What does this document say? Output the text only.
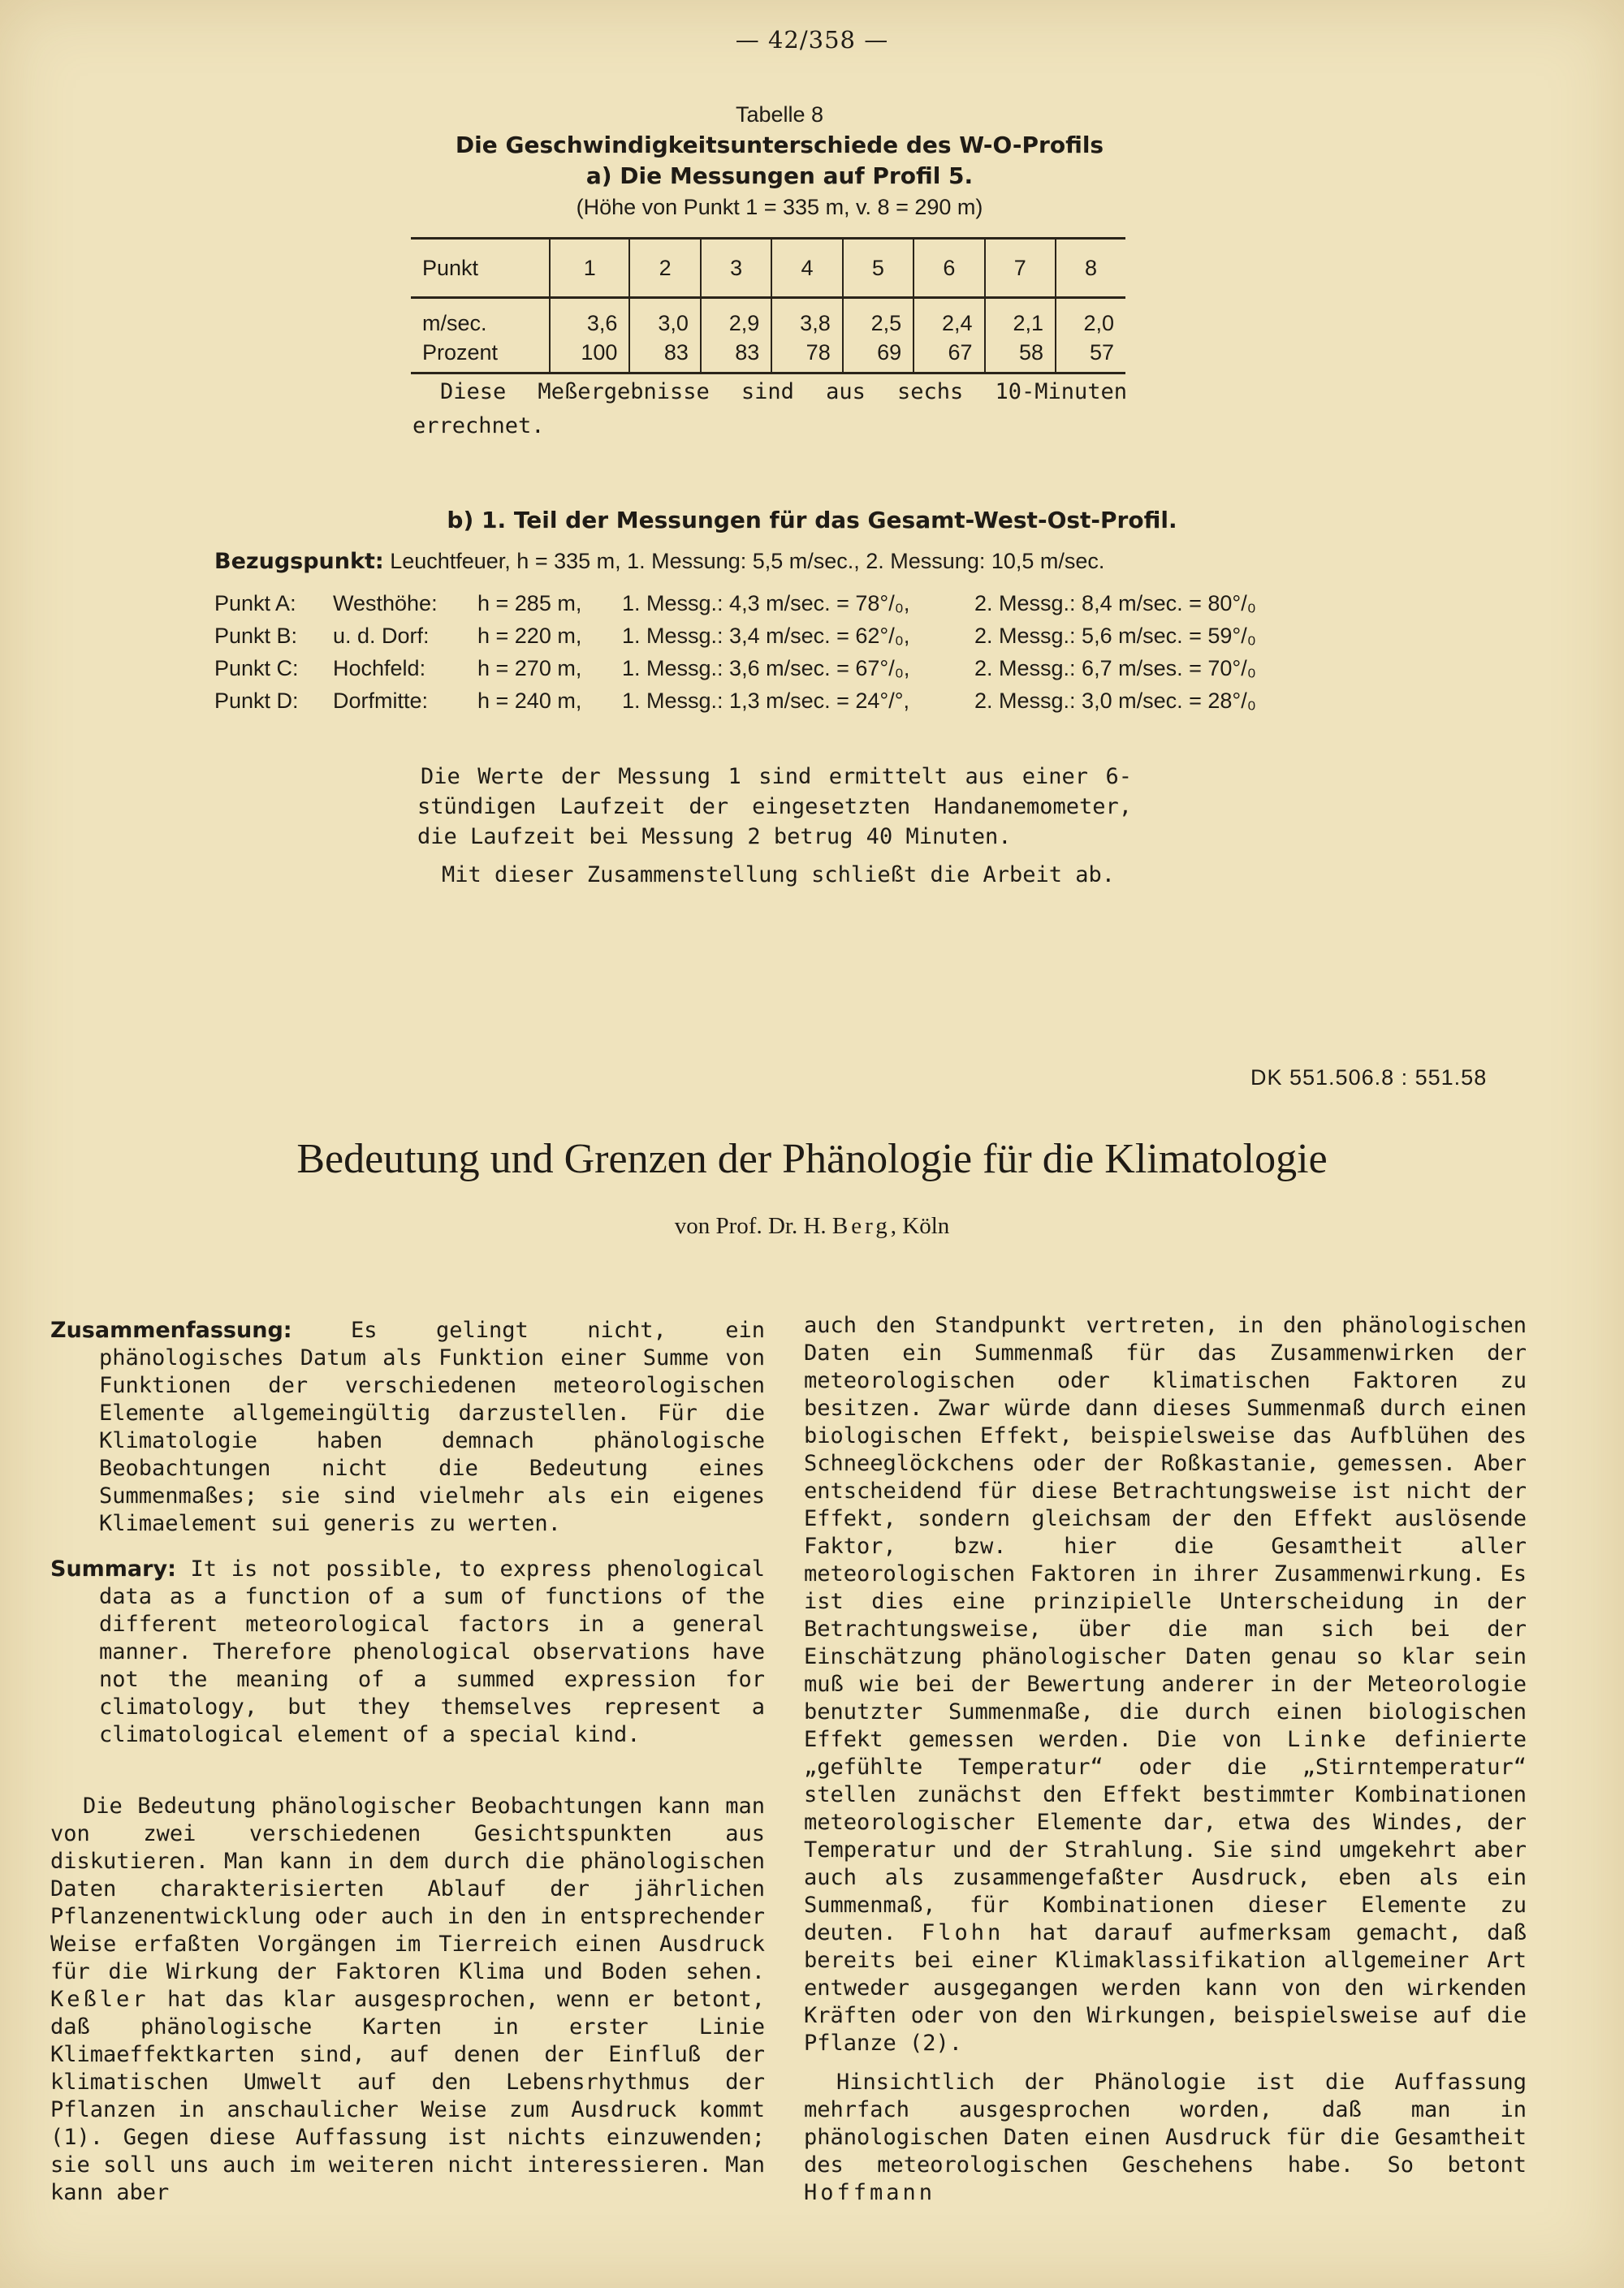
— 42/358 —
Tabelle 8
Die Geschwindigkeitsunterschiede des W-O-Profils
a) Die Messungen auf Profil 5.
(Höhe von Punkt 1 = 335 m, v. 8 = 290 m)
Punkt	1	2	3	4	5	6	7	8
m/sec.	3,6	3,0	2,9	3,8	2,5	2,4	2,1	2,0
Prozent	100	83	83	78	69	67	58	57
Diese Meßergebnisse sind aus sechs 10-Minuten errechnet.
b) 1. Teil der Messungen für das Gesamt-West-Ost-Profil.
Bezugspunkt: Leuchtfeuer, h = 335 m, 1. Messung: 5,5 m/sec., 2. Messung: 10,5 m/sec.
Punkt A: Westhöhe: h = 285 m, 1. Messg.: 4,3 m/sec. = 78°/₀,	2. Messg.: 8,4 m/sec. = 80°/₀
Punkt B: u. d. Dorf: h = 220 m, 1. Messg.: 3,4 m/sec. = 62°/₀,	2. Messg.: 5,6 m/sec. = 59°/₀
Punkt C: Hochfeld: h = 270 m, 1. Messg.: 3,6 m/sec. = 67°/₀,	2. Messg.: 6,7 m/ses. = 70°/₀
Punkt D: Dorfmitte: h = 240 m, 1. Messg.: 1,3 m/sec. = 24°/°,	2. Messg.: 3,0 m/sec. = 28°/₀

Die Werte der Messung 1 sind ermittelt aus einer 6-stündigen Laufzeit der eingesetzten Handanemometer, die Laufzeit bei Messung 2 betrug 40 Minuten.

Mit dieser Zusammenstellung schließt die Arbeit ab.

DK 551.506.8 : 551.58
Bedeutung und Grenzen der Phänologie für die Klimatologie
von Prof. Dr. H. Berg, Köln

Zusammenfassung:	Es gelingt nicht, ein phänologisches Datum als Funktion einer Summe von Funktionen der verschiedenen meteorologischen Elemente allgemeingültig darzustellen. Für die Klimatologie haben demnach phänologische Beobachtungen nicht die Bedeutung eines Summenmaßes; sie sind vielmehr als ein eigenes Klimaelement sui generis zu werten.

Summary: It is not possible, to express phenological data as a function of a sum of functions of the different meteorological factors in a general manner. Therefore phenological observations have not the meaning of a summed expression for climatology, but they themselves represent a climatological element of a special kind.

Die Bedeutung phänologischer Beobachtungen kann man von zwei verschiedenen Gesichtspunkten aus diskutieren. Man kann in dem durch die phänologischen Daten charakterisierten Ablauf der jährlichen Pflanzenentwicklung oder auch in den in entsprechender Weise erfaßten Vorgängen im Tierreich einen Ausdruck für die Wirkung der Faktoren Klima und Boden sehen. Keßler hat das klar ausgesprochen, wenn er betont, daß phänologische Karten in erster Linie Klimaeffektkarten sind, auf denen der Einfluß der klimatischen Umwelt auf den Lebensrhythmus der Pflanzen in anschaulicher Weise zum Ausdruck kommt (1). Gegen diese Auffassung ist nichts einzuwenden; sie soll uns auch im weiteren nicht interessieren. Man kann aber

auch den Standpunkt vertreten, in den phänologischen Daten ein Summenmaß für das Zusammenwirken der meteorologischen oder klimatischen Faktoren zu besitzen. Zwar würde dann dieses Summenmaß durch einen biologischen Effekt, beispielsweise das Aufblühen des Schneeglöckchens oder der Roßkastanie, gemessen. Aber entscheidend für diese Betrachtungsweise ist nicht der Effekt, sondern gleichsam der den Effekt auslösende Faktor, bzw. hier die Gesamtheit aller meteorologischen Faktoren in ihrer Zusammenwirkung. Es ist dies eine prinzipielle Unterscheidung in der Betrachtungsweise, über die man sich bei der Einschätzung phänologischer Daten genau so klar sein muß wie bei der Bewertung anderer in der Meteorologie benutzter Summenmaße, die durch einen biologischen Effekt gemessen werden. Die von Linke definierte „gefühlte Temperatur“ oder die „Stirntemperatur“ stellen zunächst den Effekt bestimmter Kombinationen meteorologischer Elemente dar, etwa des Windes, der Temperatur und der Strahlung. Sie sind umgekehrt aber auch als zusammengefaßter Ausdruck, eben als ein Summenmaß, für Kombinationen dieser Elemente zu deuten. Flohn hat darauf aufmerksam gemacht, daß bereits bei einer Klimaklassifikation allgemeiner Art entweder ausgegangen werden kann von den wirkenden Kräften oder von den Wirkungen, beispielsweise auf die Pflanze (2).

Hinsichtlich der Phänologie ist die Auffassung mehrfach ausgesprochen worden, daß man in phänologischen Daten einen Ausdruck für die Gesamtheit des meteorologischen Geschehens habe. So betont Hoffmann
